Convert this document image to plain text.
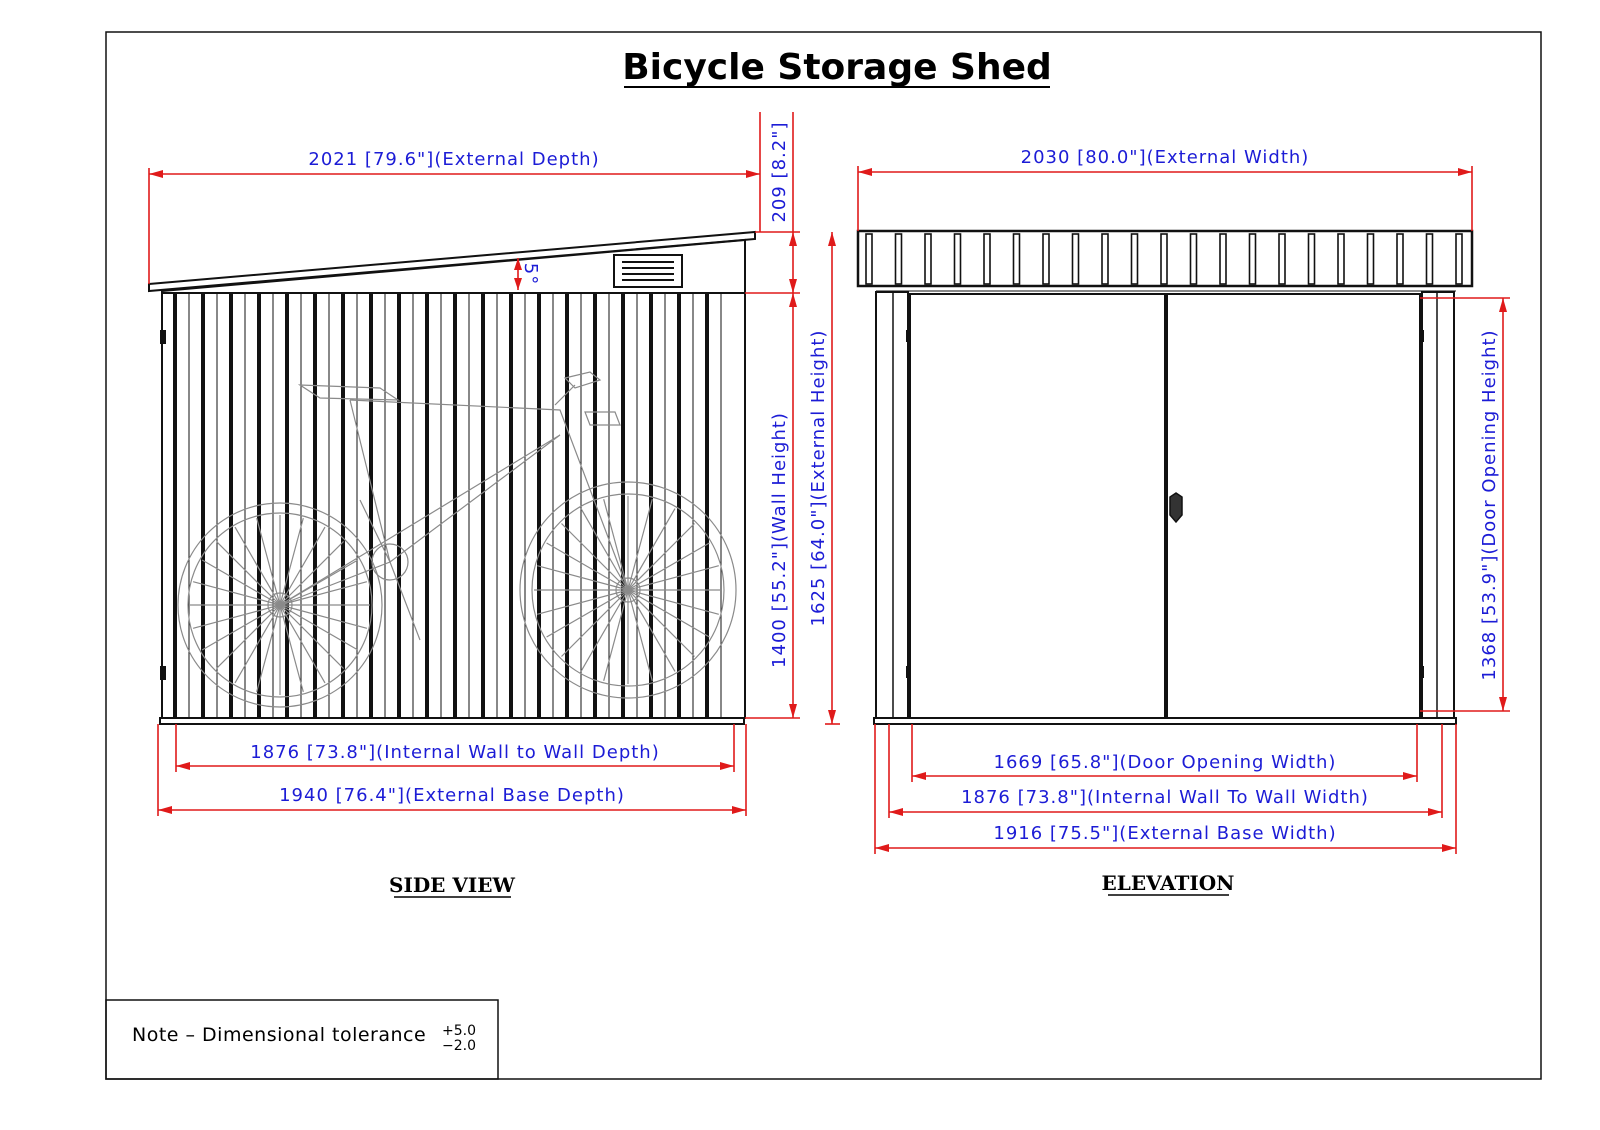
Bicycle Storage Shed
2021 [79.6"](External Depth)	209 [8.2"]
5°
1400 [55.2"](Wall Height) 1625 [64.0"](External Height)
1876 [73.8"](Internal Wall to Wall Depth)
1940 [76.4"](External Base Depth)
SIDE VIEW
2030 [80.0"](External Width)
1368 [53.9"](Door Opening Height)
1669 [65.8"](Door Opening Width)
1876 [73.8"](Internal Wall To Wall Width)
1916 [75.5"](External Base Width)
ELEVATION
Note – Dimensional tolerance +5.0
−2.0
